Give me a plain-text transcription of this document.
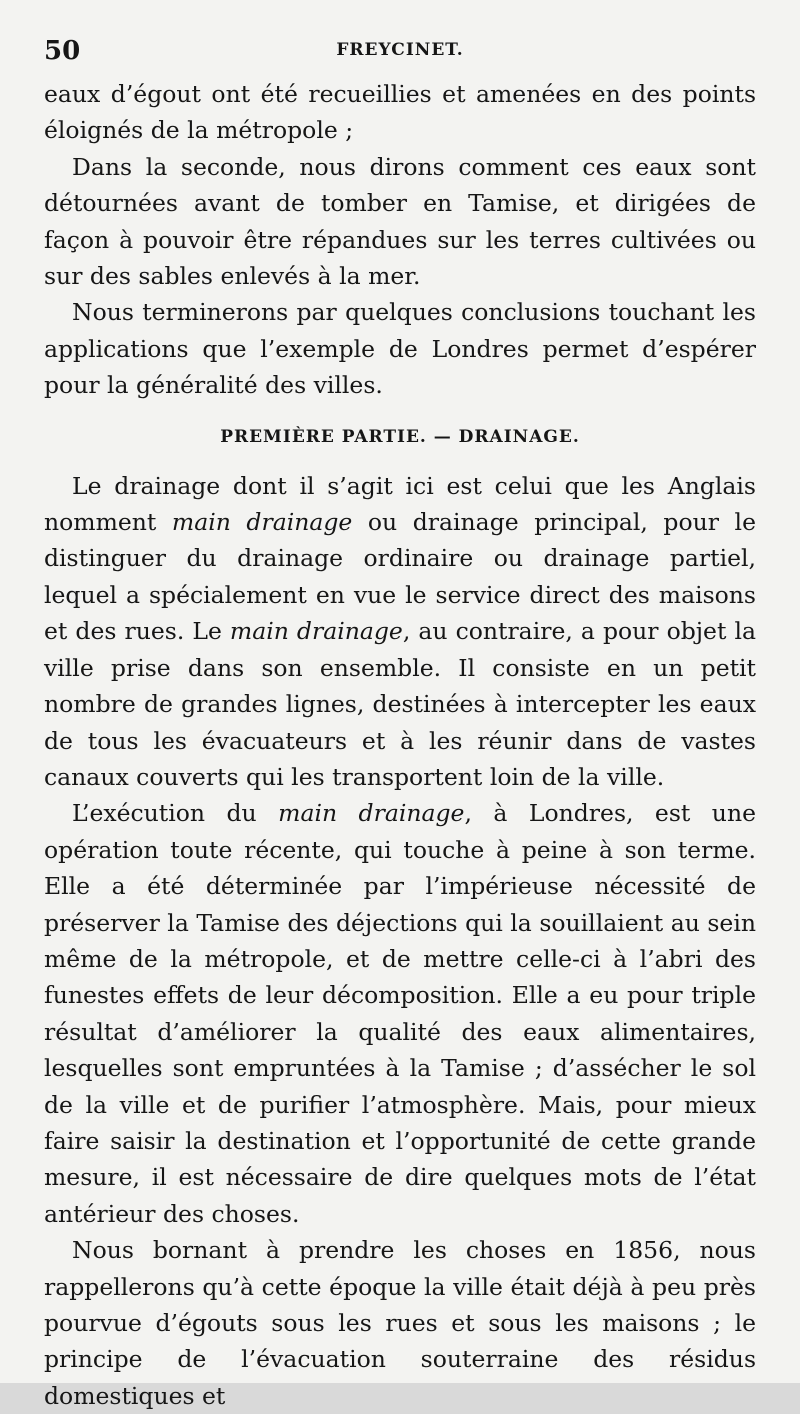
50	FREYCINET.

eaux d’égout ont été recueillies et amenées en des points éloignés de la métropole ;

Dans la seconde, nous dirons comment ces eaux sont détournées avant de tomber en Tamise, et dirigées de façon à pouvoir être répandues sur les terres cultivées ou sur des sables enlevés à la mer.

Nous terminerons par quelques conclusions touchant les applications que l’exemple de Londres permet d’espérer pour la généralité des villes.

PREMIÈRE PARTIE. — DRAINAGE.

Le drainage dont il s’agit ici est celui que les Anglais nomment main drainage ou drainage principal, pour le distinguer du drainage ordinaire ou drainage partiel, lequel a spécialement en vue le service direct des maisons et des rues. Le main drainage, au contraire, a pour objet la ville prise dans son ensemble. Il consiste en un petit nombre de grandes lignes, destinées à intercepter les eaux de tous les évacuateurs et à les réunir dans de vastes canaux couverts qui les transportent loin de la ville.

L’exécution du main drainage, à Londres, est une opération toute récente, qui touche à peine à son terme. Elle a été déterminée par l’impérieuse nécessité de préserver la Tamise des déjections qui la souillaient au sein même de la métropole, et de mettre celle-ci à l’abri des funestes effets de leur décomposition. Elle a eu pour triple résultat d’améliorer la qualité des eaux alimentaires, lesquelles sont empruntées à la Tamise ; d’assécher le sol de la ville et de purifier l’atmosphère. Mais, pour mieux faire saisir la destination et l’opportunité de cette grande mesure, il est nécessaire de dire quelques mots de l’état antérieur des choses.

Nous bornant à prendre les choses en 1856, nous rappellerons qu’à cette époque la ville était déjà à peu près pourvue d’égouts sous les rues et sous les maisons ; le principe de l’évacuation souterraine des résidus domestiques et
